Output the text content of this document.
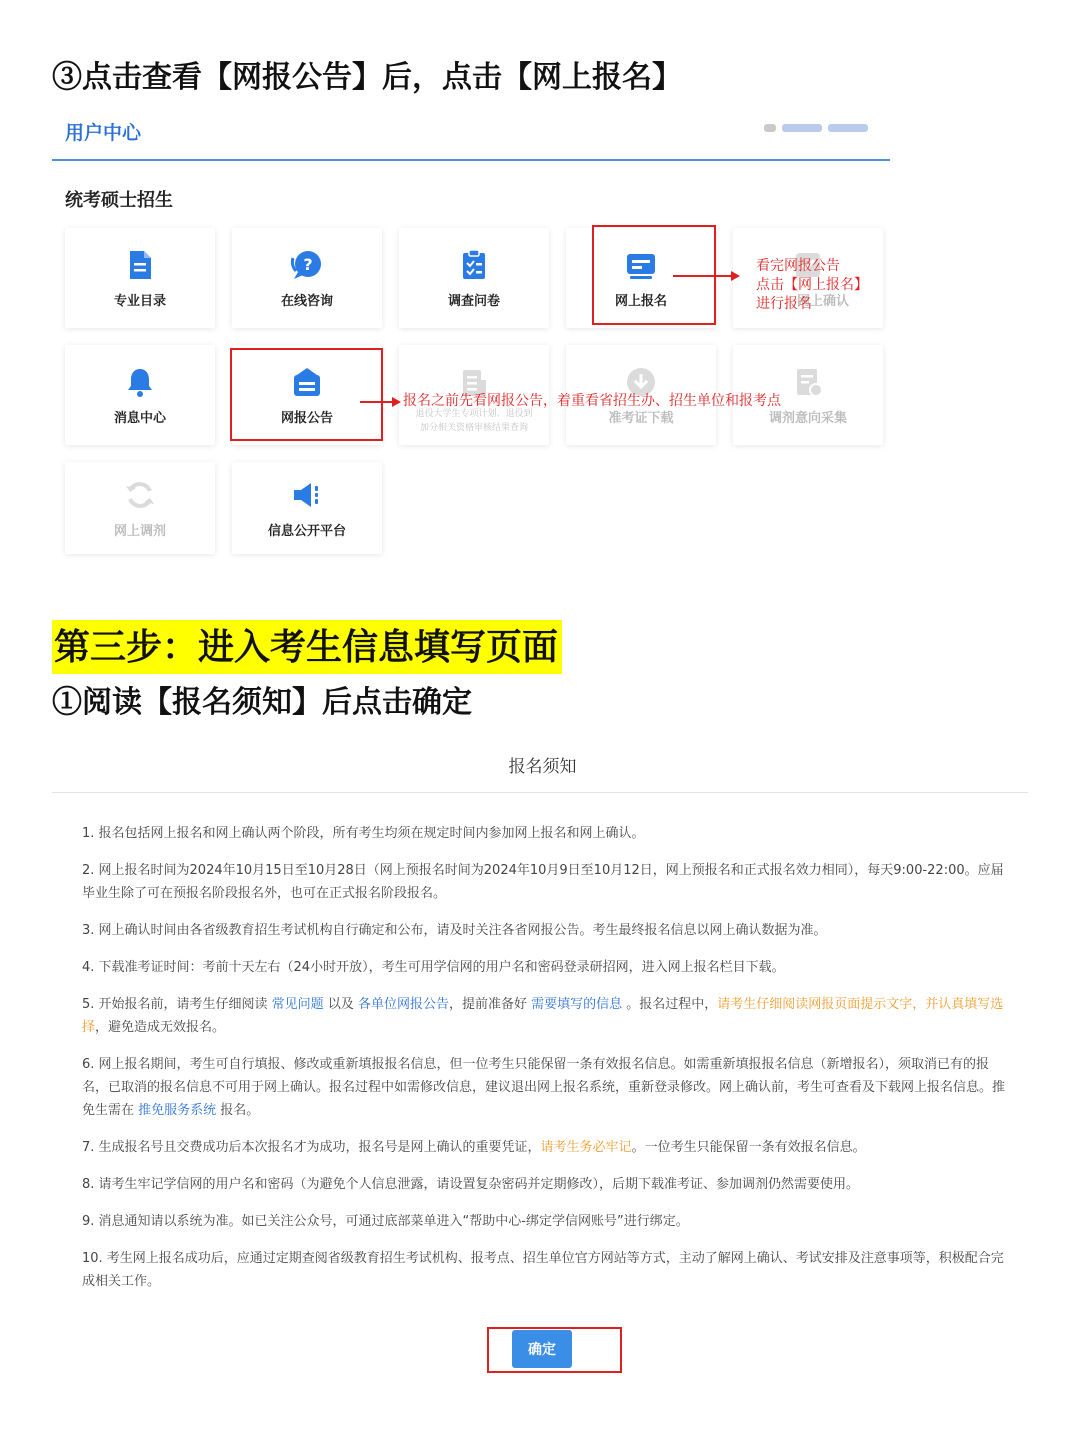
③点击查看【网报公告】后，点击【网上报名】
用户中心
统考硕士招生
专业目录
?
在线咨询	调查问卷	网上报名	网上确认
消息中心	网报公告	退役大学生专项计划、退役到
加分相关资格审核结果查询
准考证下载	调剂意向采集
网上调剂	信息公开平台
看完网报公告
点击【网上报名】
进行报名
报名之前先看网报公告，着重看省招生办、招生单位和报考点
第三步：进入考生信息填写页面
①阅读【报名须知】后点击确定
报名须知
1. 报名包括网上报名和网上确认两个阶段，所有考生均须在规定时间内参加网上报名和网上确认。
2. 网上报名时间为2024年10月15日至10月28日（网上预报名时间为2024年10月9日至10月12日，网上预报名和正式报名效力相同），每天9:00-22:00。应届毕业生除了可在预报名阶段报名外，也可在正式报名阶段报名。
3. 网上确认时间由各省级教育招生考试机构自行确定和公布，请及时关注各省网报公告。考生最终报名信息以网上确认数据为准。
4. 下载准考证时间：考前十天左右（24小时开放），考生可用学信网的用户名和密码登录研招网，进入网上报名栏目下载。
5. 开始报名前，请考生仔细阅读 常见问题 以及 各单位网报公告，提前准备好 需要填写的信息 。报名过程中，请考生仔细阅读网报页面提示文字，并认真填写选择，避免造成无效报名。
6. 网上报名期间，考生可自行填报、修改或重新填报报名信息，但一位考生只能保留一条有效报名信息。如需重新填报报名信息（新增报名），须取消已有的报名，已取消的报名信息不可用于网上确认。报名过程中如需修改信息，建议退出网上报名系统，重新登录修改。网上确认前，考生可查看及下载网上报名信息。推免生需在 推免服务系统 报名。
7. 生成报名号且交费成功后本次报名才为成功，报名号是网上确认的重要凭证，请考生务必牢记。一位考生只能保留一条有效报名信息。
8. 请考生牢记学信网的用户名和密码（为避免个人信息泄露，请设置复杂密码并定期修改），后期下载准考证、参加调剂仍然需要使用。
9. 消息通知请以系统为准。如已关注公众号，可通过底部菜单进入“帮助中心-绑定学信网账号”进行绑定。
10. 考生网上报名成功后，应通过定期查阅省级教育招生考试机构、报考点、招生单位官方网站等方式，主动了解网上确认、考试安排及注意事项等，积极配合完成相关工作。
确定
